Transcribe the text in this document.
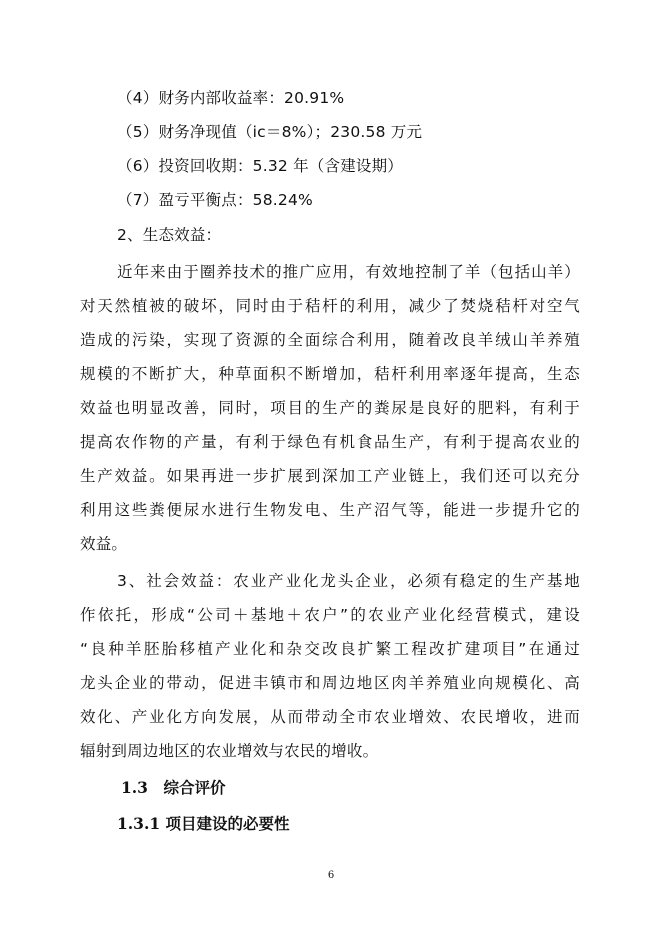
（4）财务内部收益率：20.91%
（5）财务净现值（ic＝8%）；230.58 万元
（6）投资回收期：5.32 年（含建设期）
（7）盈亏平衡点：58.24%
2、生态效益：
近年来由于圈养技术的推广应用，有效地控制了羊（包括山羊）
对天然植被的破坏，同时由于秸杆的利用，减少了焚烧秸杆对空气
造成的污染，实现了资源的全面综合利用，随着改良羊绒山羊养殖
规模的不断扩大，种草面积不断增加，秸杆利用率逐年提高，生态
效益也明显改善，同时，项目的生产的粪尿是良好的肥料，有利于
提高农作物的产量，有利于绿色有机食品生产，有利于提高农业的
生产效益。如果再进一步扩展到深加工产业链上，我们还可以充分
利用这些粪便尿水进行生物发电、生产沼气等，能进一步提升它的
效益。
3、社会效益：农业产业化龙头企业，必须有稳定的生产基地
作依托，形成“公司＋基地＋农户”的农业产业化经营模式，建设
“良种羊胚胎移植产业化和杂交改良扩繁工程改扩建项目”在通过
龙头企业的带动，促进丰镇市和周边地区肉羊养殖业向规模化、高
效化、产业化方向发展，从而带动全市农业增效、农民增收，进而
辐射到周边地区的农业增效与农民的增收。
1.3　综合评价
1.3.1 项目建设的必要性
6
